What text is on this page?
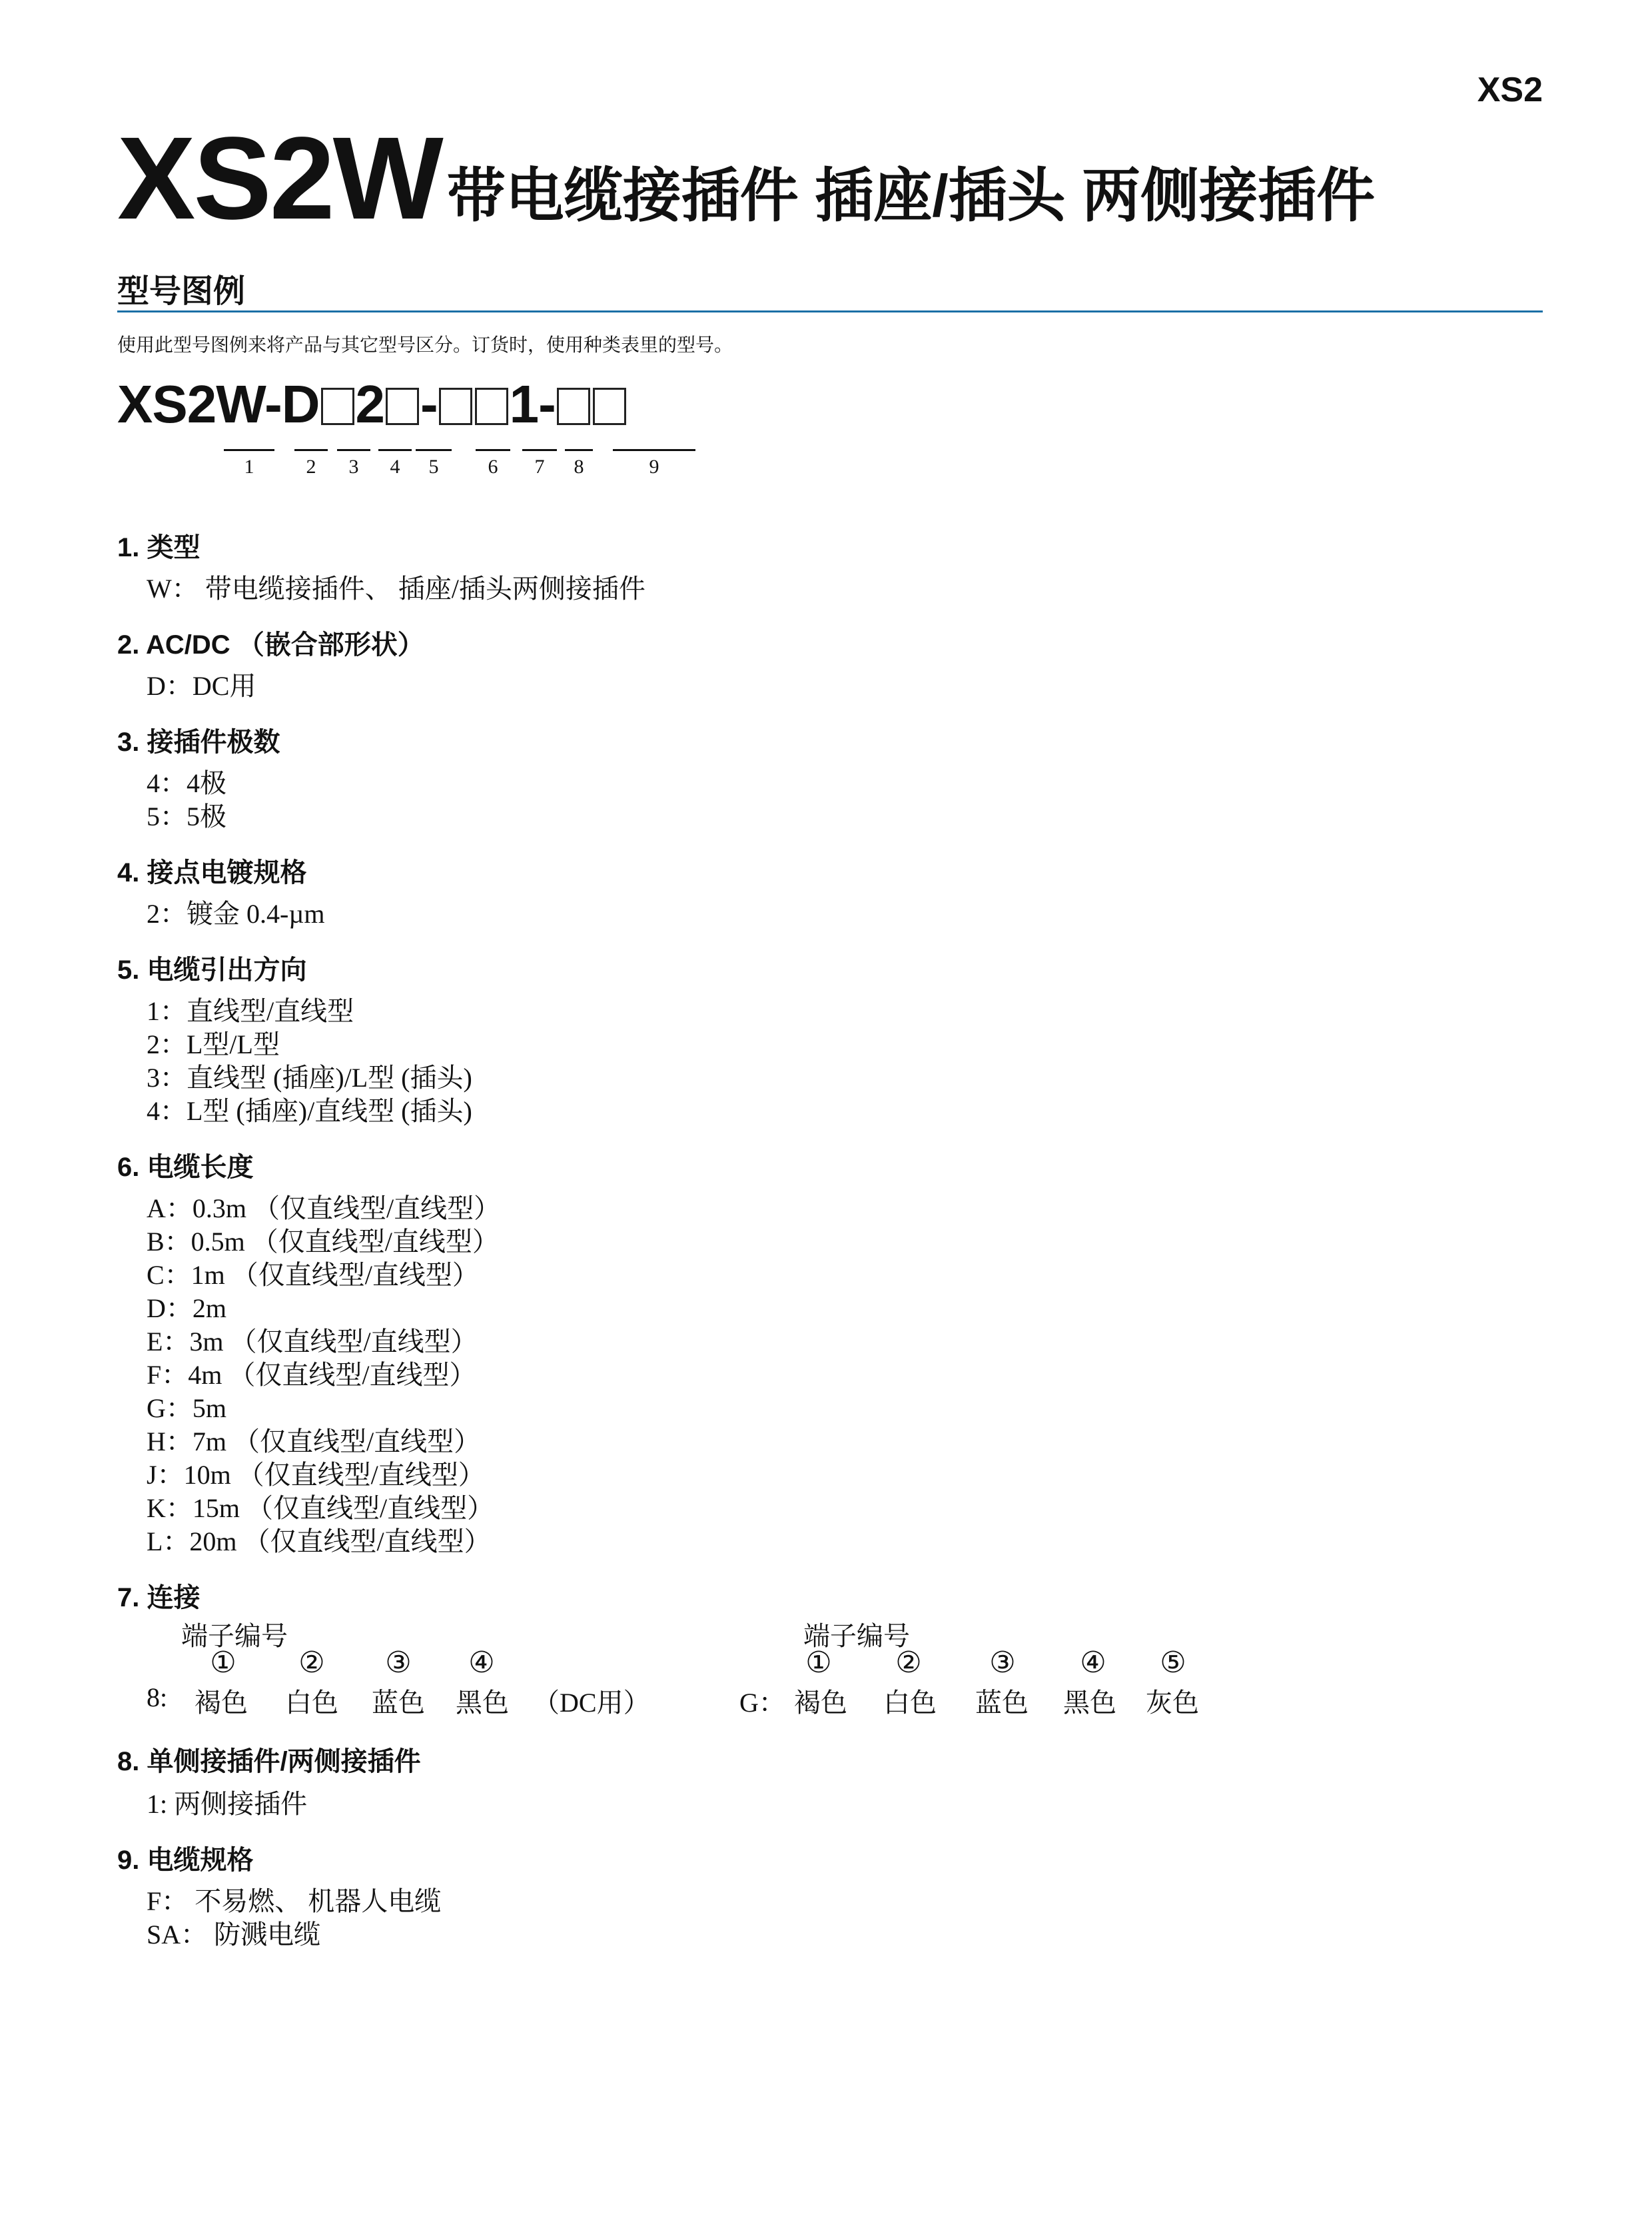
XS2
XS2W带电缆接插件 插座/插头 两侧接插件
型号图例
使用此型号图例来将产品与其它型号区分。订货时，使用种类表里的型号。
XS2W-D 2 - 1-
1	2	3	4	5	6	7	8	9
1. 类型
W： 带电缆接插件、 插座/插头两侧接插件
2. AC/DC （嵌合部形状）
D：DC用
3. 接插件极数
4：4极
5：5极
4. 接点电镀规格
2：镀金 0.4-µm
5. 电缆引出方向
1：直线型/直线型
2：L型/L型
3：直线型 (插座)/L型 (插头)
4：L型 (插座)/直线型 (插头)
6. 电缆长度
A：0.3m （仅直线型/直线型）
B：0.5m （仅直线型/直线型）
C：1m （仅直线型/直线型）
D：2m
E：3m （仅直线型/直线型）
F：4m （仅直线型/直线型）
G：5m
H：7m （仅直线型/直线型）
J：10m （仅直线型/直线型）
K：15m （仅直线型/直线型）
L：20m （仅直线型/直线型）
7. 连接
端子编号	端子编号
① ② ③ ④	① ② ③ ④ ⑤
8: 褐色 白色 蓝色 黑色 （DC用）	G： 褐色 白色 蓝色 黑色 灰色
8. 单侧接插件/两侧接插件
1: 两侧接插件
9. 电缆规格
F： 不易燃、 机器人电缆
SA： 防溅电缆
